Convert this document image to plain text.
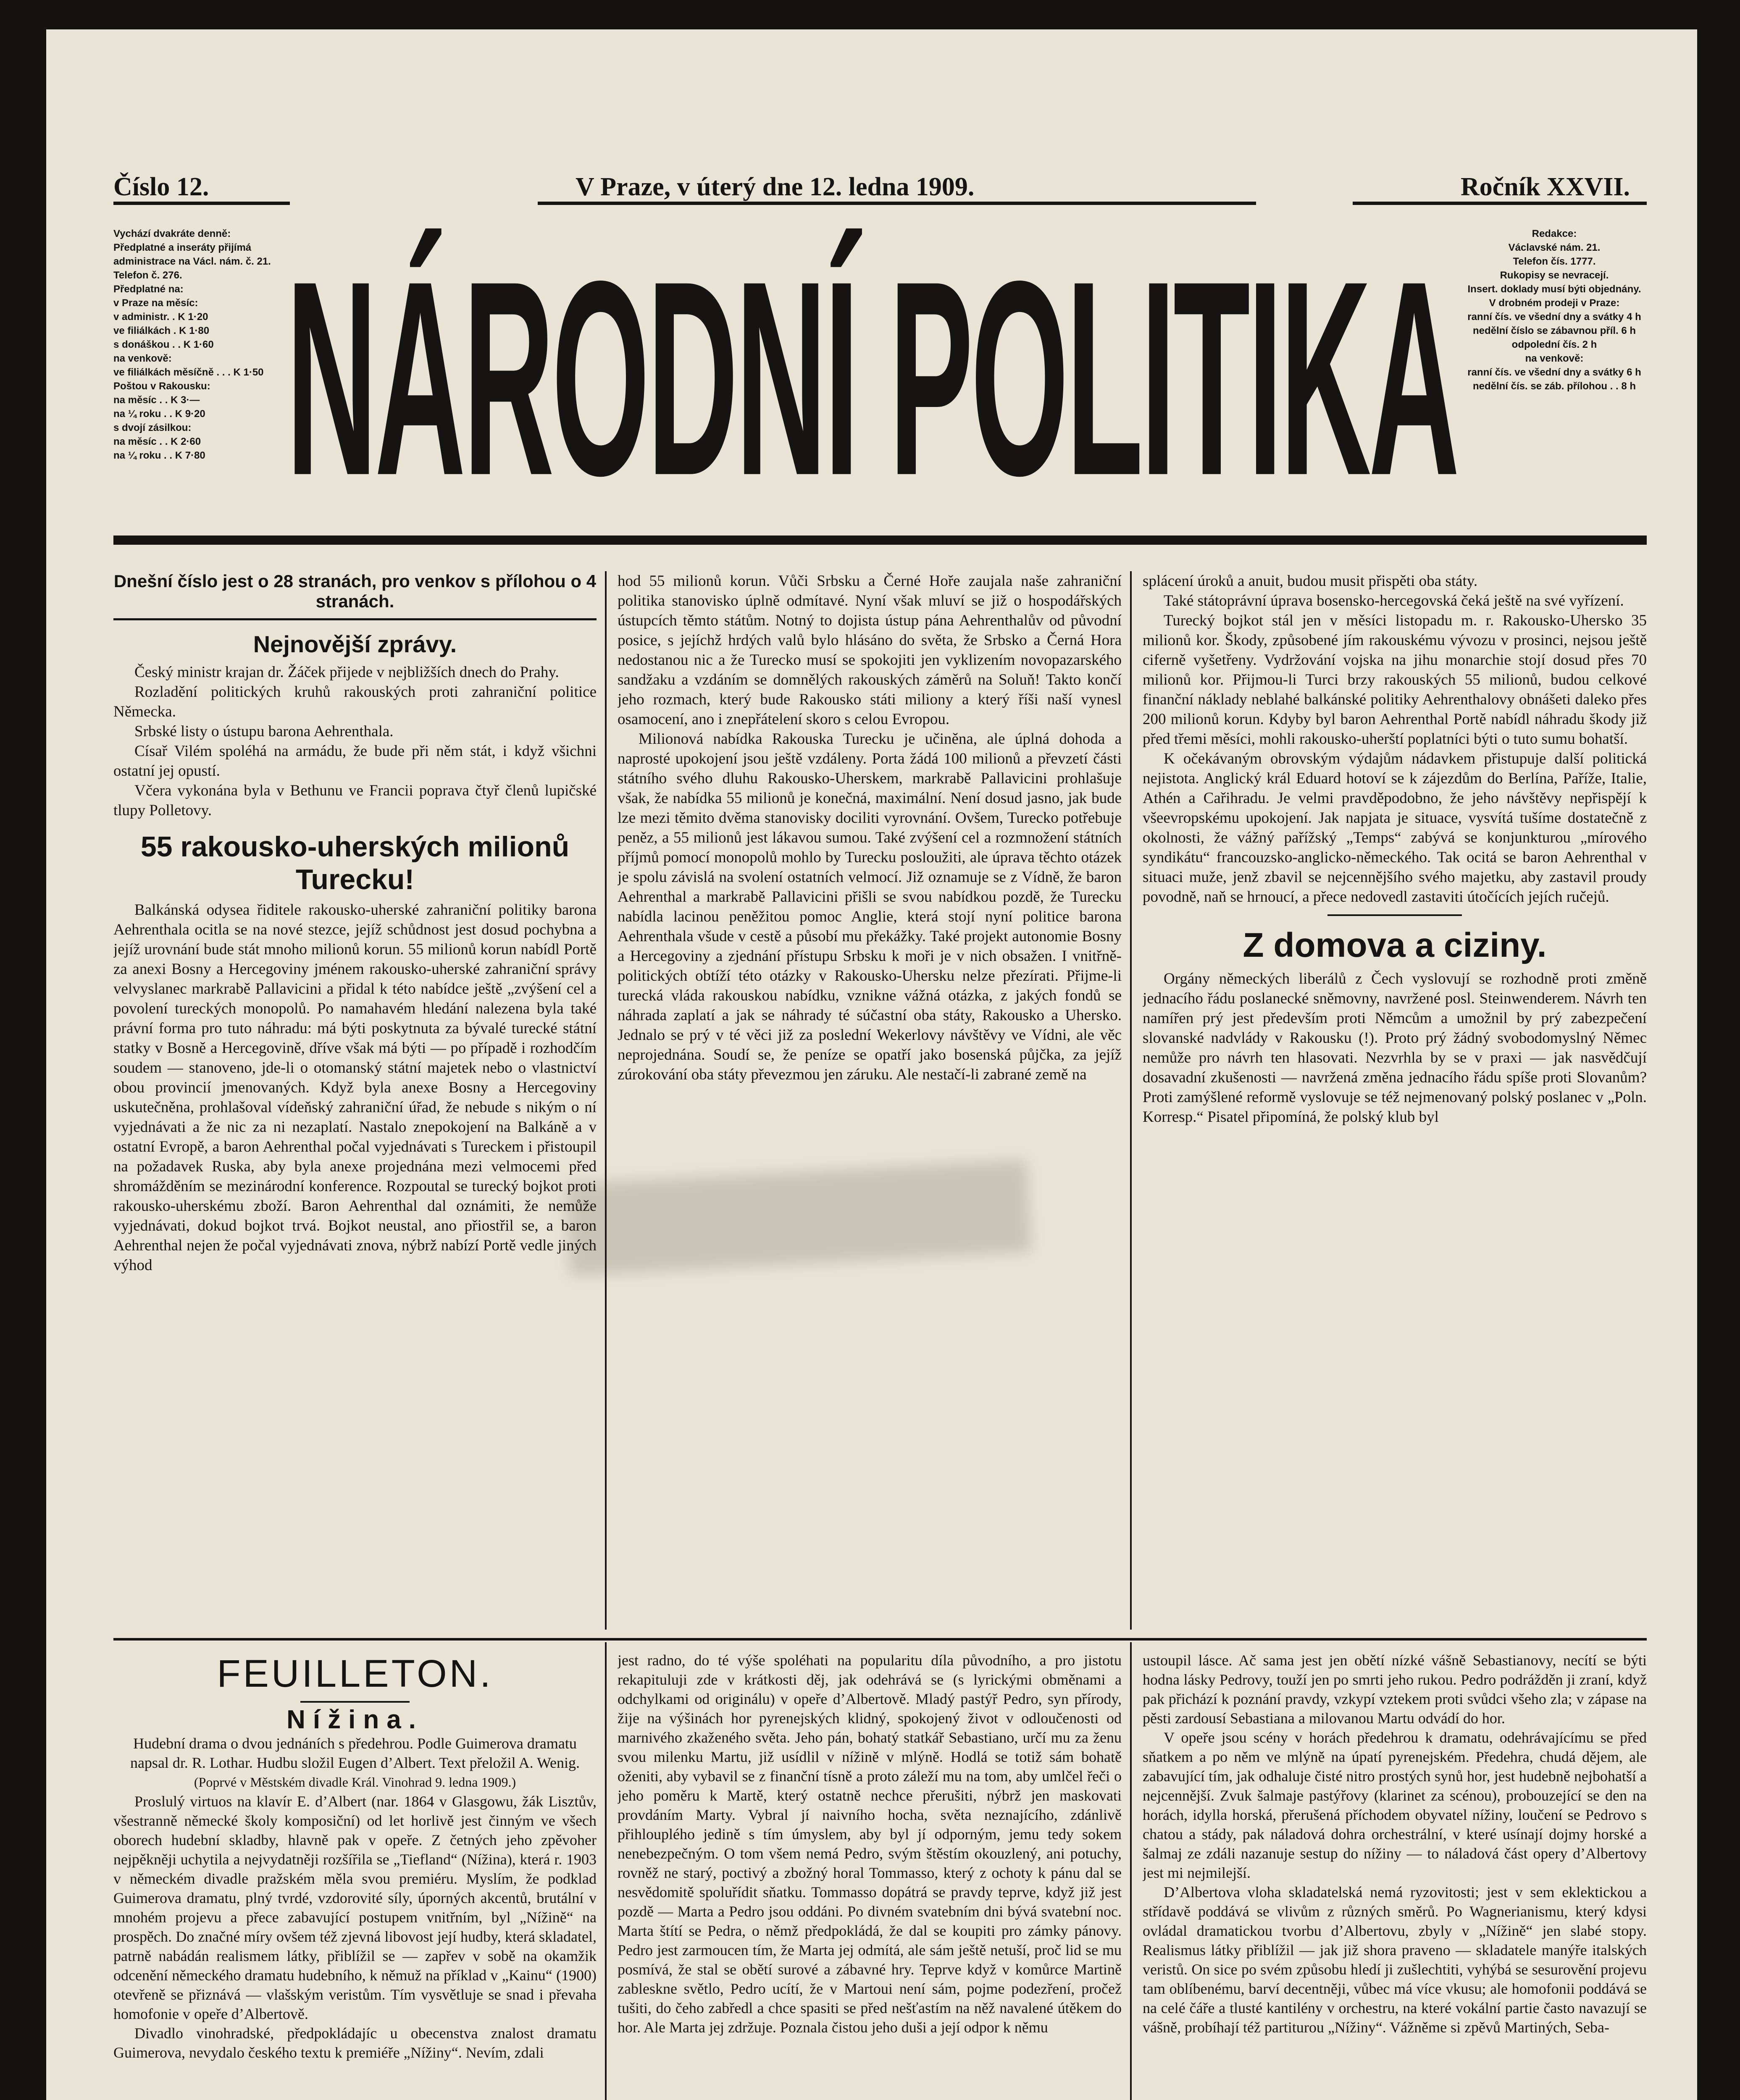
Číslo 12.	V Praze, v úterý dne 12. ledna 1909.	Ročník XXVII.
Vychází dvakráte denně:
Předplatné a inseráty přijímá administrace na Václ. nám. č. 21. Telefon č. 276.
Předplatné na:
v Praze na měsíc:
v administr. . K 1·20
ve filiálkách . K 1·80
s donáškou . . K 1·60
na venkově:
ve filiálkách měsíčně . . . K 1·50
Poštou v Rakousku:
na měsíc . . K 3·—
na ¼ roku . . K 9·20
s dvojí zásilkou:
na měsíc . . K 2·60
na ¼ roku . . K 7·80 NÁRODNÍ POLITIKA	Redakce:
Václavské nám. 21.
Telefon čís. 1777.
Rukopisy se nevracejí.
Insert. doklady musí býti objednány.
V drobném prodeji v Praze:
ranní čís. ve všední dny a svátky 4 h
nedělní číslo se zábavnou příl. 6 h
odpolední čís. 2 h
na venkově:
ranní čís. ve všední dny a svátky 6 h
nedělní čís. se záb. přílohou . . 8 h
Dnešní číslo jest o 28 stranách, pro venkov s přílohou o 4 stranách.
Nejnovější zprávy.

Český ministr krajan dr. Žáček přijede v nejbližších dnech do Prahy.

Rozladění politických kruhů rakouských proti zahraniční politice Německa.

Srbské listy o ústupu barona Aehrenthala.

Císař Vilém spoléhá na armádu, že bude při něm stát, i když všichni ostatní jej opustí.

Včera vykonána byla v Bethunu ve Francii poprava čtyř členů lupičské tlupy Polletovy.

55 rakousko-uherských milionů Turecku!

Balkánská odysea řiditele rakousko-uherské zahraniční politiky barona Aehrenthala ocitla se na nové stezce, jejíž schůdnost jest dosud pochybna a jejíž urovnání bude stát mnoho milionů korun. 55 milionů korun nabídl Portě za anexi Bosny a Hercegoviny jménem rakousko-uherské zahraniční správy velvyslanec markrabě Pallavicini a přidal k této nabídce ještě „zvýšení cel a povolení tureckých monopolů. Po namahavém hledání nalezena byla také právní forma pro tuto náhradu: má býti poskytnuta za bývalé turecké státní statky v Bosně a Hercegovině, dříve však má býti — po případě i rozhodčím soudem — stanoveno, jde-li o otomanský státní majetek nebo o vlastnictví obou provincií jmenovaných. Když byla anexe Bosny a Hercegoviny uskutečněna, prohlašoval vídeňský zahraniční úřad, že nebude s nikým o ní vyjednávati a že nic za ni nezaplatí. Nastalo znepokojení na Balkáně a v ostatní Evropě, a baron Aehrenthal počal vyjednávati s Tureckem i přistoupil na požadavek Ruska, aby byla anexe projednána mezi velmocemi před shromážděním se mezinárodní konference. Rozpoutal se turecký bojkot proti rakousko-uherskému zboží. Baron Aehrenthal dal oznámiti, že nemůže vyjednávati, dokud bojkot trvá. Bojkot neustal, ano přiostřil se, a baron Aehrenthal nejen že počal vyjednávati znova, nýbrž nabízí Portě vedle jiných výhod

hod 55 milionů korun. Vůči Srbsku a Černé Hoře zaujala naše zahraniční politika stanovisko úplně odmítavé. Nyní však mluví se již o hospodářských ústupcích těmto státům. Notný to dojista ústup pána Aehrenthalův od původní posice, s jejíchž hrdých valů bylo hlásáno do světa, že Srbsko a Černá Hora nedostanou nic a že Turecko musí se spokojiti jen vyklizením novopazarského sandžaku a vzdáním se domnělých rakouských záměrů na Soluň! Takto končí jeho rozmach, který bude Rakousko státi miliony a který říši naší vynesl osamocení, ano i znepřátelení skoro s celou Evropou.

Milionová nabídka Rakouska Turecku je učiněna, ale úplná dohoda a naprosté upokojení jsou ještě vzdáleny. Porta žádá 100 milionů a převzetí části státního svého dluhu Rakousko-Uherskem, markrabě Pallavicini prohlašuje však, že nabídka 55 milionů je konečná, maximální. Není dosud jasno, jak bude lze mezi těmito dvěma stanovisky dociliti vyrovnání. Ovšem, Turecko potřebuje peněz, a 55 milionů jest lákavou sumou. Také zvýšení cel a rozmnožení státních příjmů pomocí monopolů mohlo by Turecku posloužiti, ale úprava těchto otázek je spolu závislá na svolení ostatních velmocí. Již oznamuje se z Vídně, že baron Aehrenthal a markrabě Pallavicini přišli se svou nabídkou pozdě, že Turecku nabídla lacinou peněžitou pomoc Anglie, která stojí nyní politice barona Aehrenthala všude v cestě a působí mu překážky. Také projekt autonomie Bosny a Hercegoviny a zjednání přístupu Srbsku k moři je v nich obsažen. I vnitřně-politických obtíží této otázky v Rakousko-Uhersku nelze přezírati. Přijme-li turecká vláda rakouskou nabídku, vznikne vážná otázka, z jakých fondů se náhrada zaplatí a jak se náhrady té súčastní oba státy, Rakousko a Uhersko. Jednalo se prý v té věci již za poslední Wekerlovy návštěvy ve Vídni, ale věc neprojednána. Soudí se, že peníze se opatří jako bosenská půjčka, za jejíž zúrokování oba státy převezmou jen záruku. Ale nestačí-li zabrané země na

splácení úroků a anuit, budou musit přispěti oba státy.

Také státoprávní úprava bosensko-hercegovská čeká ještě na své vyřízení.

Turecký bojkot stál jen v měsíci listopadu m. r. Rakousko-Uhersko 35 milionů kor. Škody, způsobené jím rakouskému vývozu v prosinci, nejsou ještě ciferně vyšetřeny. Vydržování vojska na jihu monarchie stojí dosud přes 70 milionů kor. Přijmou-li Turci brzy rakouských 55 milionů, budou celkové finanční náklady neblahé balkánské politiky Aehrenthalovy obnášeti daleko přes 200 milionů korun. Kdyby byl baron Aehrenthal Portě nabídl náhradu škody již před třemi měsíci, mohli rakousko-uherští poplatníci býti o tuto sumu bohatší.

K očekávaným obrovským výdajům nádavkem přistupuje další politická nejistota. Anglický král Eduard hotoví se k zájezdům do Berlína, Paříže, Italie, Athén a Cařihradu. Je velmi pravděpodobno, že jeho návštěvy nepřispějí k všeevropskému upokojení. Jak napjata je situace, vysvítá tušíme dostatečně z okolnosti, že vážný pařížský „Temps“ zabývá se konjunkturou „mírového syndikátu“ francouzsko-anglicko-německého. Tak ocitá se baron Aehrenthal v situaci muže, jenž zbavil se nejcennějšího svého majetku, aby zastavil proudy povodně, naň se hrnoucí, a přece nedovedl zastaviti útočících jejích ručejů.

Z domova a ciziny.

Orgány německých liberálů z Čech vyslovují se rozhodně proti změně jednacího řádu poslanecké sněmovny, navržené posl. Steinwenderem. Návrh ten namířen prý jest především proti Němcům a umožnil by prý zabezpečení slovanské nadvlády v Rakousku (!). Proto prý žádný svobodomyslný Němec nemůže pro návrh ten hlasovati. Nezvrhla by se v praxi — jak nasvědčují dosavadní zkušenosti — navržená změna jednacího řádu spíše proti Slovanům? Proti zamýšlené reformě vyslovuje se též nejmenovaný polský poslanec v „Poln. Korresp.“ Pisatel připomíná, že polský klub byl

FEUILLETON.
Nížina.
Hudební drama o dvou jednáních s předehrou. Podle Guimerova dramatu napsal dr. R. Lothar. Hudbu složil Eugen d’Albert. Text přeložil A. Wenig.
(Poprvé v Městském divadle Král. Vinohrad 9. ledna 1909.)

Proslulý virtuos na klavír E. d’Albert (nar. 1864 v Glasgowu, žák Lisztův, všestranně německé školy komposiční) od let horlivě jest činným ve všech oborech hudební skladby, hlavně pak v opeře. Z četných jeho zpěvoher nejpěkněji uchytila a nejvydatněji rozšířila se „Tiefland“ (Nížina), která r. 1903 v německém divadle pražském měla svou premiéru. Myslím, že podklad Guimerova dramatu, plný tvrdé, vzdorovité síly, úporných akcentů, brutální v mnohém projevu a přece zabavující postupem vnitřním, byl „Nížině“ na prospěch. Do značné míry ovšem též zjevná libovost její hudby, která skladatel, patrně nabádán realismem látky, přiblížil se — zapřev v sobě na okamžik odcenění německého dramatu hudebního, k němuž na příklad v „Kainu“ (1900) otevřeně se přiznává — vlašským veristům. Tím vysvětluje se snad i převaha homofonie v opeře d’Albertově.

Divadlo vinohradské, předpokládajíc u obecenstva znalost dramatu Guimerova, nevydalo českého textu k premiéře „Nížiny“. Nevím, zdali

jest radno, do té výše spoléhati na popularitu díla původního, a pro jistotu rekapituluji zde v krátkosti děj, jak odehrává se (s lyrickými obměnami a odchylkami od originálu) v opeře d’Albertově. Mladý pastýř Pedro, syn přírody, žije na výšinách hor pyrenejských klidný, spokojený život v odloučenosti od marnivého zkaženého světa. Jeho pán, bohatý statkář Sebastiano, určí mu za ženu svou milenku Martu, již usídlil v nížině v mlýně. Hodlá se totiž sám bohatě oženiti, aby vybavil se z finanční tísně a proto záleží mu na tom, aby umlčel řeči o jeho poměru k Martě, který ostatně nechce přerušiti, nýbrž jen maskovati provdáním Marty. Vybral jí naivního hocha, světa neznajícího, zdánlivě přihlouplého jedině s tím úmyslem, aby byl jí odporným, jemu tedy sokem nenebezpečným. O tom všem nemá Pedro, svým štěstím okouzlený, ani potuchy, rovněž ne starý, poctivý a zbožný horal Tommasso, který z ochoty k pánu dal se nesvědomitě spoluřídit sňatku. Tommasso dopátrá se pravdy teprve, když již jest pozdě — Marta a Pedro jsou oddáni. Po divném svatebním dni bývá svatební noc. Marta štítí se Pedra, o němž předpokládá, že dal se koupiti pro zámky pánovy. Pedro jest zarmoucen tím, že Marta jej odmítá, ale sám ještě netuší, proč lid se mu posmívá, že stal se obětí surové a zábavné hry. Teprve když v komůrce Martině zableskne světlo, Pedro ucítí, že v Martoui není sám, pojme podezření, pročež tušiti, do čeho zabředl a chce spasiti se před nešťastím na něž navalené útěkem do hor. Ale Marta jej zdržuje. Poznala čistou jeho duši a její odpor k němu

ustoupil lásce. Ač sama jest jen obětí nízké vášně Sebastianovy, necítí se býti hodna lásky Pedrovy, touží jen po smrti jeho rukou. Pedro podrážděn ji zraní, když pak přichází k poznání pravdy, vzkypí vztekem proti svůdci všeho zla; v zápase na pěsti zardousí Sebastiana a milovanou Martu odvádí do hor.

V opeře jsou scény v horách předehrou k dramatu, odehrávajícímu se před sňatkem a po něm ve mlýně na úpatí pyrenejském. Předehra, chudá dějem, ale zabavující tím, jak odhaluje čisté nitro prostých synů hor, jest hudebně nejbohatší a nejcennější. Zvuk šalmaje pastýřovy (klarinet za scénou), probouzející se den na horách, idylla horská, přerušená příchodem obyvatel nížiny, loučení se Pedrovo s chatou a stády, pak náladová dohra orchestrální, v které usínají dojmy horské a šalmaj ze zdáli nazanuje sestup do nížiny — to náladová část opery d’Albertovy jest mi nejmilejší.

D’Albertova vloha skladatelská nemá ryzovitosti; jest v sem eklektickou a střídavě poddává se vlivům z různých směrů. Po Wagnerianismu, který kdysi ovládal dramatickou tvorbu d’Albertovu, zbyly v „Nížině“ jen slabé stopy. Realismus látky přiblížil — jak již shora praveno — skladatele manýře italských veristů. On sice po svém způsobu hledí ji zušlechtiti, vyhýbá se sesurovění projevu tam oblíbenému, barví decentněji, vůbec má více vkusu; ale homofonii poddává se na celé čáře a tlusté kantilény v orchestru, na které vokální partie často navazují se vášně, probíhají též partiturou „Nížiny“. Vážněme si zpěvů Martiných, Seba-
